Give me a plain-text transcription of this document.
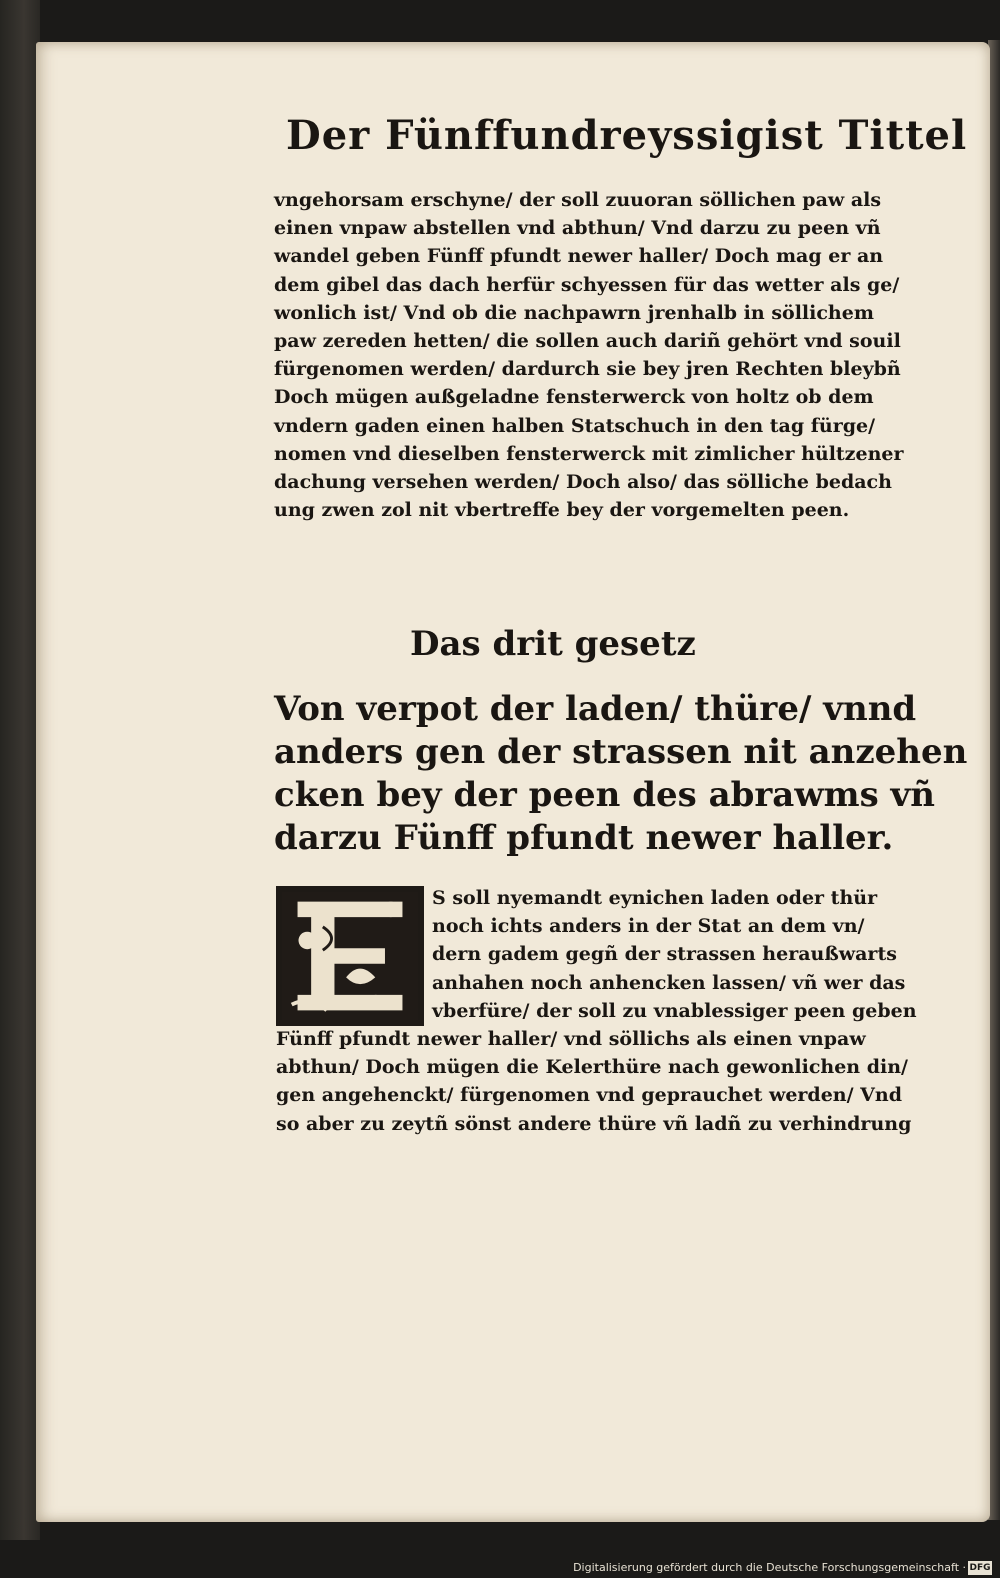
Der Fünffundreyssigist Tittel
vngehorsam erschyne/ der soll zuuoran söllichen paw als
einen vnpaw abstellen vnd abthun/ Vnd darzu zu peen vñ
wandel geben Fünff pfundt newer haller/ Doch mag er an
dem gibel das dach herfür schyessen für das wetter als ge/
wonlich ist/ Vnd ob die nachpawrn jrenhalb in söllichem
paw zereden hetten/ die sollen auch dariñ gehört vnd souil
fürgenomen werden/ dardurch sie bey jren Rechten bleybñ
Doch mügen außgeladne fensterwerck von holtz ob dem
vndern gaden einen halben Statschuch in den tag fürge/
nomen vnd dieselben fensterwerck mit zimlicher hültzener
dachung versehen werden/ Doch also/ das sölliche bedach
ung zwen zol nit vbertreffe bey der vorgemelten peen.
Das drit gesetz
Von verpot der laden/ thüre/ vnnd
anders gen der strassen nit anzehen
cken bey der peen des abrawms vñ
darzu Fünff pfundt newer haller.
S soll nyemandt eynichen laden oder thür
noch ichts anders in der Stat an dem vn/
dern gadem gegñ der strassen heraußwarts
anhahen noch anhencken lassen/ vñ wer das
vberfüre/ der soll zu vnablessiger peen geben
Fünff pfundt newer haller/ vnd söllichs als einen vnpaw
abthun/ Doch mügen die Kelerthüre nach gewonlichen din/
gen angehenckt/ fürgenomen vnd geprauchet werden/ Vnd
so aber zu zeytñ sönst andere thüre vñ ladñ zu verhindrung
Digitalisierung gefördert durch die Deutsche Forschungsgemeinschaft · DFG
